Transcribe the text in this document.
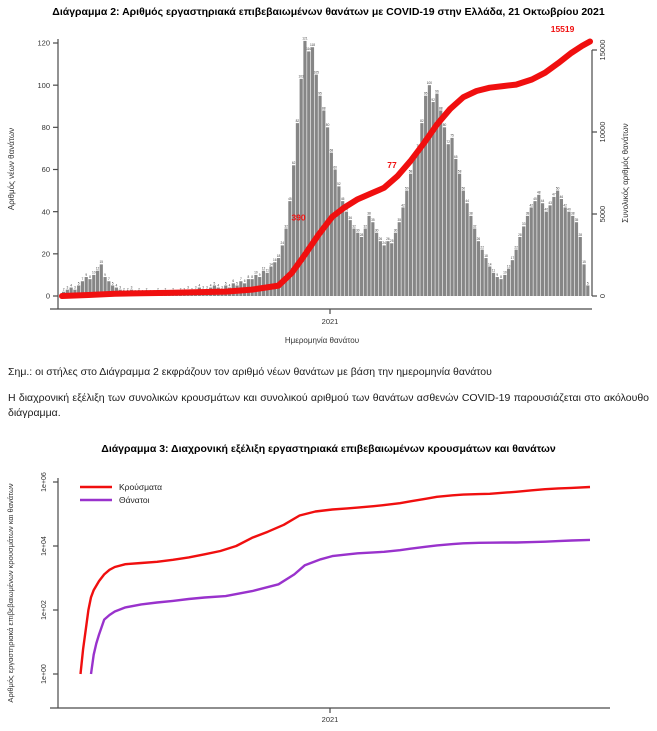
Διάγραμμα 2: Αριθμός εργαστηριακά επιβεβαιωμένων θανάτων με COVID-19 στην Ελλάδα, 21 Οκτωβρίου 2021
2
3
4
3
5
7
9
8
10
12
15
9
7
5
4
3
2 2
3
1
2
1
2
1 1
2
1
2
1
2
1
2 2
3
2
3
4
3 3
4
5
4
3
5
4
6
5
7
6
8 8
10
9
12
11
14
16
18
24
32
45
62
82
103
121
116
118
105
95
88
80
68
60
52
45
40
36
32
30
28
32
38
35
30
26
24
26
25
30
35
42
50
58
65
70
82
95
100
92
96
88
80
72
75
65
58
50
44
38
32
26
22
18
14
11
9
8
10
13
17
22
28
33
38
42
45
48
44
40
43
47
50
46
42
40
38
35
28
15
5
0
20
40
60
80
100
120
Αριθμός νέων θανάτων
2021
Ημερομηνία θανάτου
0
5000
10000
15000
Συνολικός αριθμός θανάτων
390
77
15519

Σημ.: οι στήλες στο Διάγραμμα 2 εκφράζουν τον αριθμό νέων θανάτων με βάση την ημερομηνία θανάτου

Η διαχρονική εξέλιξη των συνολικών κρουσμάτων και συνολικού αριθμού των θανάτων ασθενών COVID-19 παρουσιάζεται στο ακόλουθο διάγραμμα.

Διάγραμμα 3: Διαχρονική εξέλιξη εργαστηριακά επιβεβαιωμένων κρουσμάτων και θανάτων
1e+00
1e+02
1e+04
1e+06
Αριθμός εργαστηριακά επιβεβαιωμένων κρουσμάτων και θανάτων
2021
Κρούσματα
Θάνατοι
